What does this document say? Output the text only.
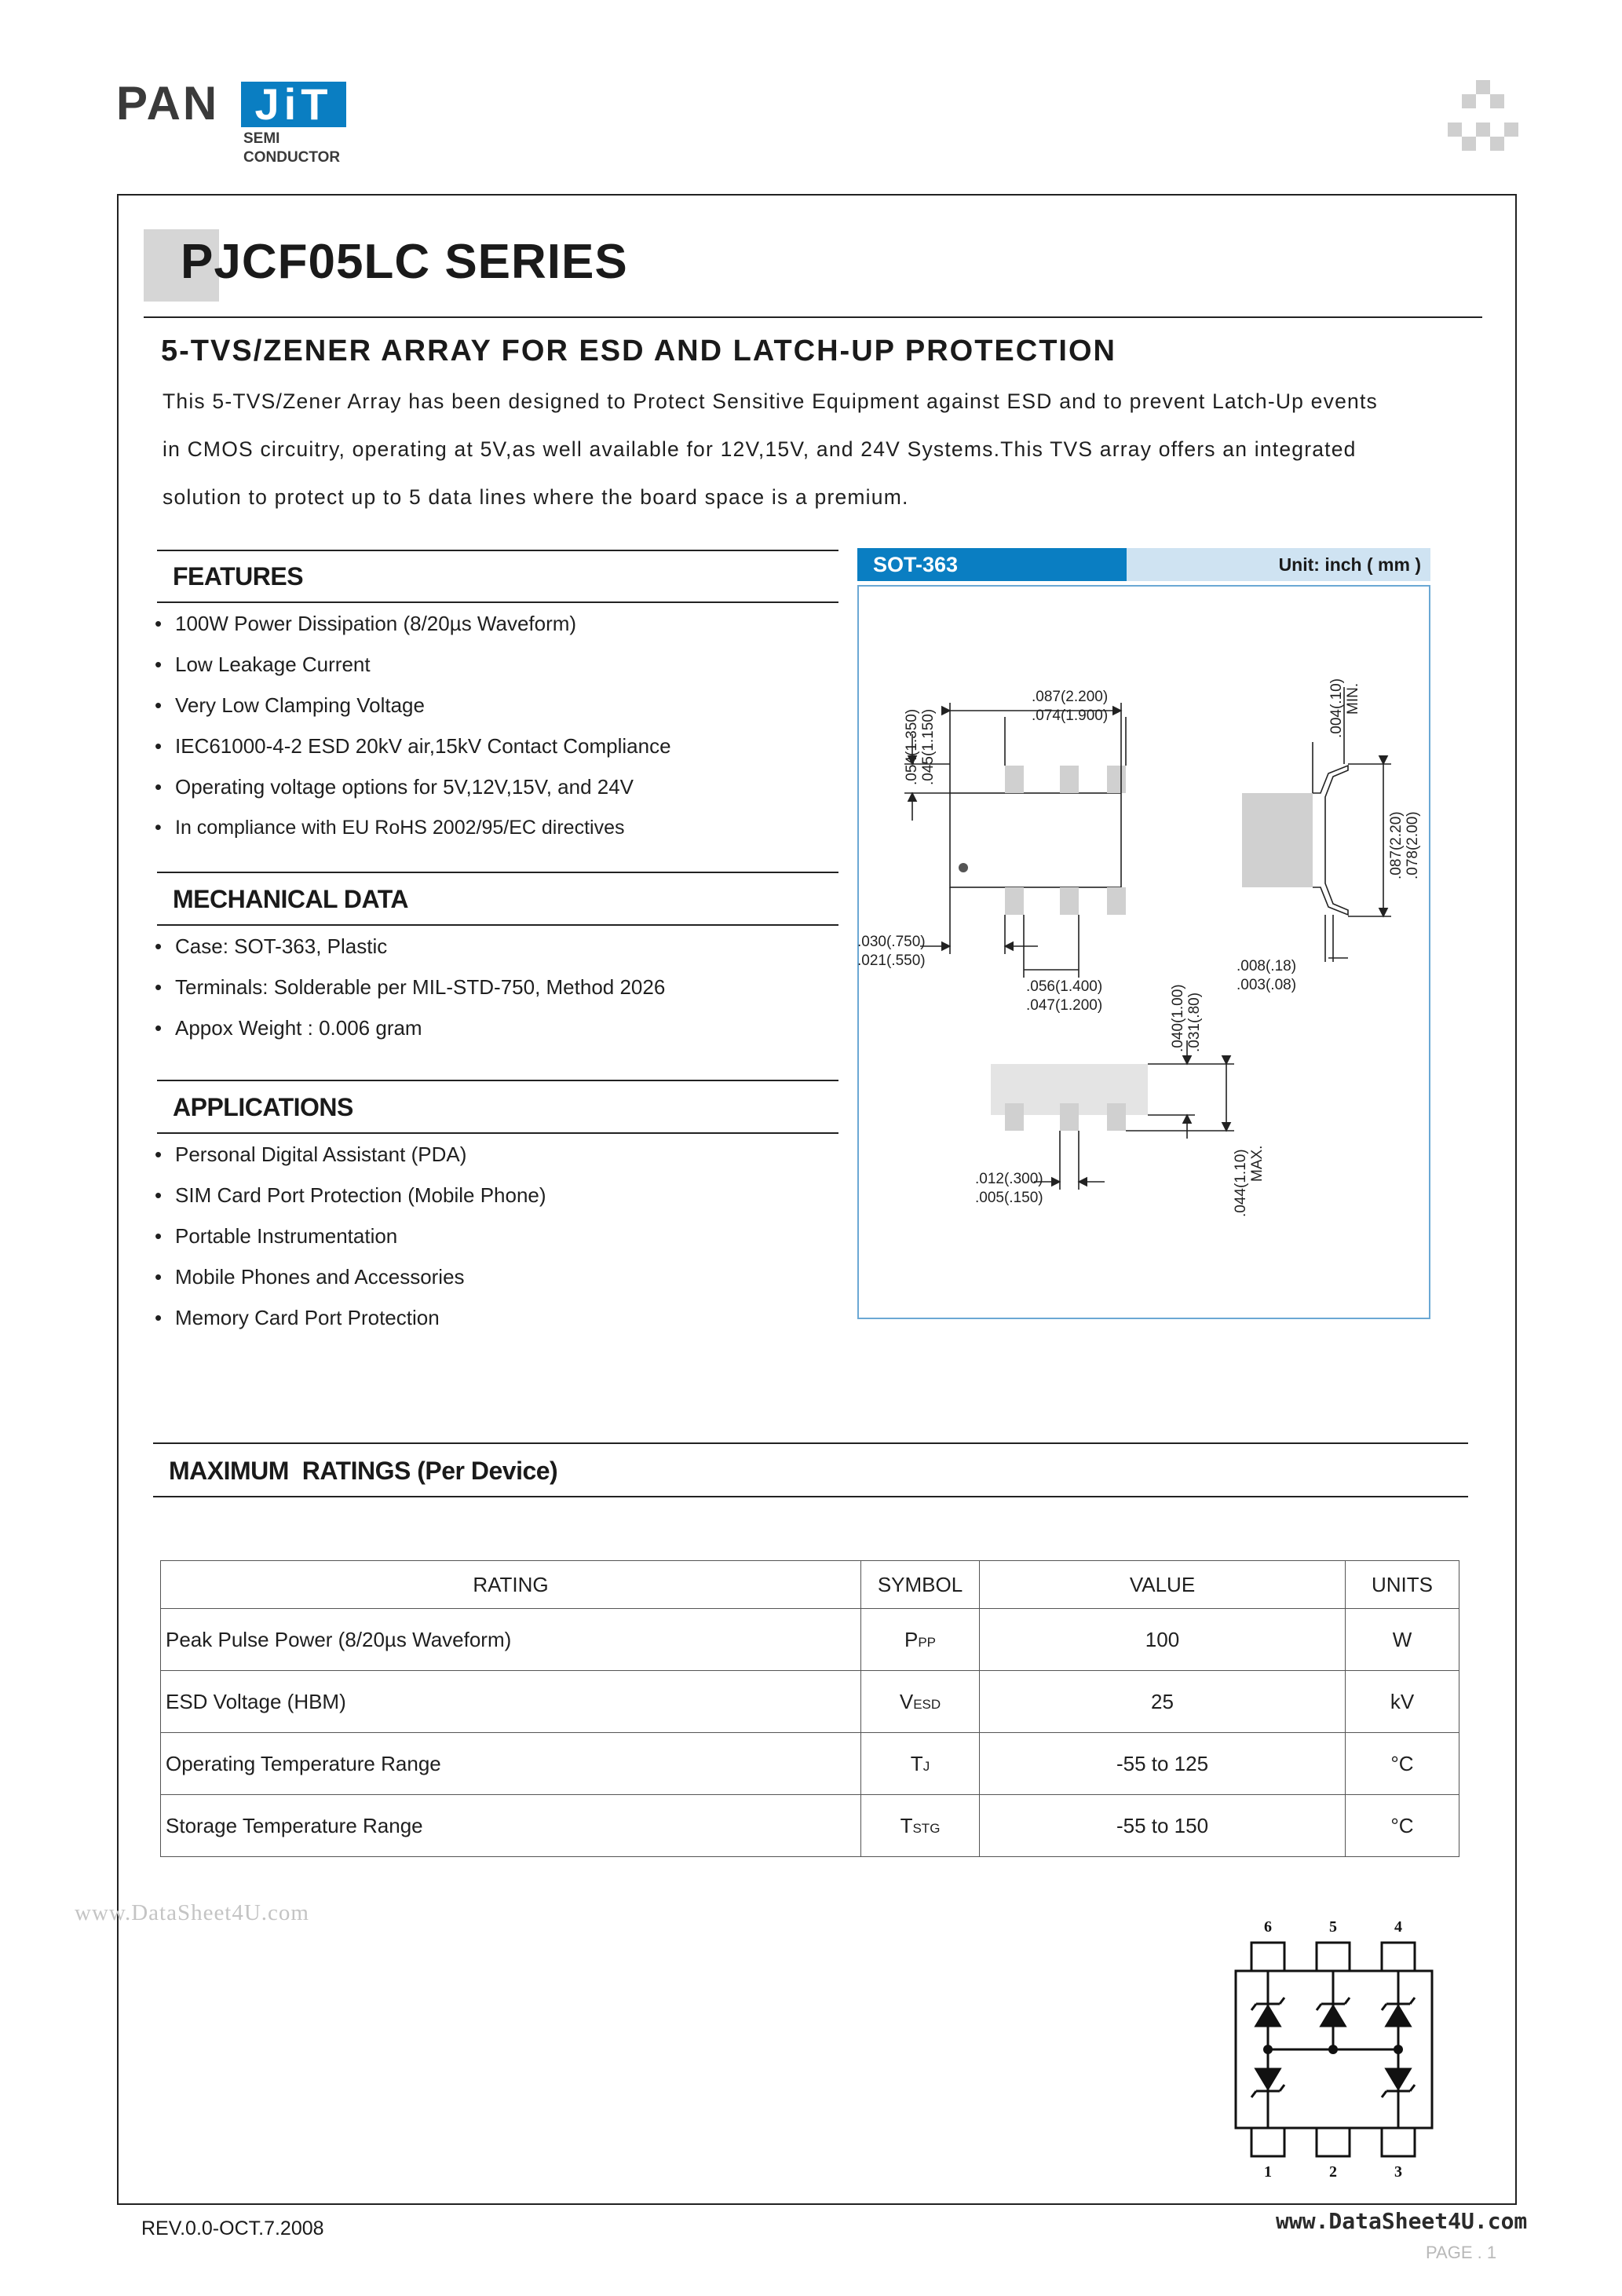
PAN JiT
SEMI
CONDUCTOR
PJCF05LC SERIES
5-TVS/ZENER ARRAY FOR ESD AND LATCH-UP PROTECTION
This 5-TVS/Zener Array has been designed to Protect Sensitive Equipment against ESD and to prevent Latch-Up events
in CMOS circuitry, operating at 5V,as well available for 12V,15V, and 24V Systems.This TVS array offers an integrated
solution to protect up to 5 data lines where the board space is a premium.
FEATURES
• 100W Power Dissipation (8/20µs Waveform)
• Low Leakage Current
• Very Low Clamping Voltage
• IEC61000-4-2 ESD 20kV air,15kV Contact Compliance
• Operating voltage options for 5V,12V,15V, and 24V
• In compliance with EU RoHS 2002/95/EC directives
MECHANICAL DATA
• Case: SOT-363, Plastic
• Terminals: Solderable per MIL-STD-750, Method 2026
• Appox Weight : 0.006 gram
APPLICATIONS
• Personal Digital Assistant (PDA)
• SIM Card Port Protection (Mobile Phone)
• Portable Instrumentation
• Mobile Phones and Accessories
• Memory Card Port Protection
SOT-363	Unit: inch ( mm )
.087(2.200)
.074(1.900)
.054(1.350) .045(1.150)
.030(.750)
.021(.550)
.056(1.400)
.047(1.200)
.004(.10) MIN.
.087(2.20) .078(2.00)
.008(.18)
.003(.08)
.040(1.00) .031(.80)
.012(.300)
.005(.150)	.044(1.10) MAX.
MAXIMUM  RATINGS (Per Device)
RATING	SYMBOL	VALUE	UNITS
Peak Pulse Power (8/20µs Waveform)	PPP	100	W
ESD Voltage (HBM)	VESD	25	kV
Operating Temperature Range	TJ	-55 to 125	°C
Storage Temperature Range	TSTG	-55 to 150	°C
www.DataSheet4U.com
6	5	4
1	2	3
REV.0.0-OCT.7.2008
PAGE . 1
www.DataSheet4U.com
